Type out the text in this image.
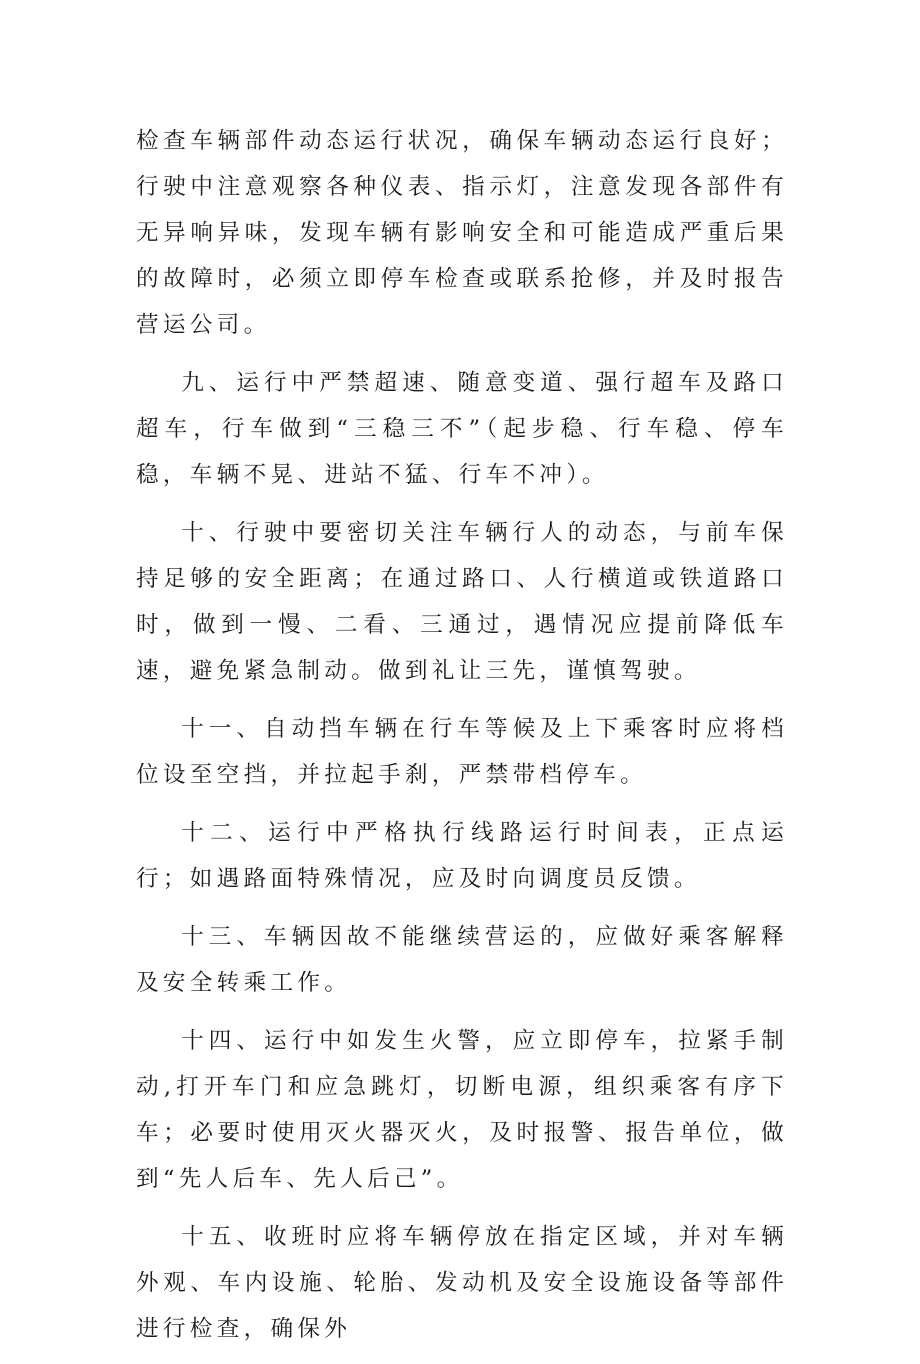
检查车辆部件动态运行状况，确保车辆动态运行良好；行驶中注意观察各种仪表、指示灯，注意发现各部件有无异响异味，发现车辆有影响安全和可能造成严重后果的故障时，必须立即停车检查或联系抢修，并及时报告营运公司。

九、运行中严禁超速、随意变道、强行超车及路口超车，行车做到“三稳三不”（起步稳、行车稳、停车稳，车辆不晃、进站不猛、行车不冲）。

十、行驶中要密切关注车辆行人的动态，与前车保持足够的安全距离；在通过路口、人行横道或铁道路口时，做到一慢、二看、三通过，遇情况应提前降低车速，避免紧急制动。做到礼让三先，谨慎驾驶。

十一、自动挡车辆在行车等候及上下乘客时应将档位设至空挡，并拉起手刹，严禁带档停车。

十二、运行中严格执行线路运行时间表，正点运行；如遇路面特殊情况，应及时向调度员反馈。

十三、车辆因故不能继续营运的，应做好乘客解释及安全转乘工作。

十四、运行中如发生火警，应立即停车，拉紧手制动,打开车门和应急跳灯，切断电源，组织乘客有序下车；必要时使用灭火器灭火，及时报警、报告单位，做到“先人后车、先人后己”。

十五、收班时应将车辆停放在指定区域，并对车辆外观、车内设施、轮胎、发动机及安全设施设备等部件进行检查，确保外
